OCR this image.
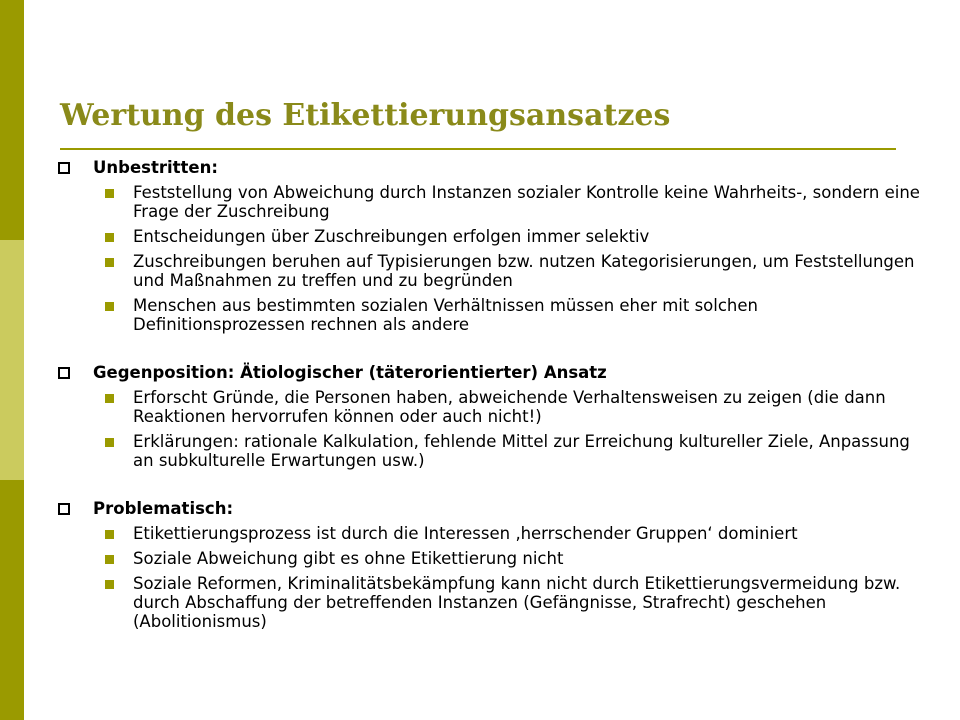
Wertung des Etikettierungsansatzes
Unbestritten:
Feststellung von Abweichung durch Instanzen sozialer Kontrolle keine Wahrheits-, sondern eine Frage der Zuschreibung
Entscheidungen über Zuschreibungen erfolgen immer selektiv
Zuschreibungen beruhen auf Typisierungen bzw. nutzen Kategorisierungen, um Feststellungen und Maßnahmen zu treffen und zu begründen
Menschen aus bestimmten sozialen Verhältnissen müssen eher mit solchen Definitionsprozessen rechnen als andere
Gegenposition: Ätiologischer (täterorientierter) Ansatz
Erforscht Gründe, die Personen haben, abweichende Verhaltensweisen zu zeigen (die dann Reaktionen hervorrufen können oder auch nicht!)
Erklärungen: rationale Kalkulation, fehlende Mittel zur Erreichung kultureller Ziele, Anpassung an subkulturelle Erwartungen usw.)
Problematisch:
Etikettierungsprozess ist durch die Interessen ‚herrschender Gruppen‘ dominiert
Soziale Abweichung gibt es ohne Etikettierung nicht
Soziale Reformen, Kriminalitätsbekämpfung kann nicht durch Etikettierungsvermeidung bzw. durch Abschaffung der betreffenden Instanzen (Gefängnisse, Strafrecht) geschehen (Abolitionismus)
